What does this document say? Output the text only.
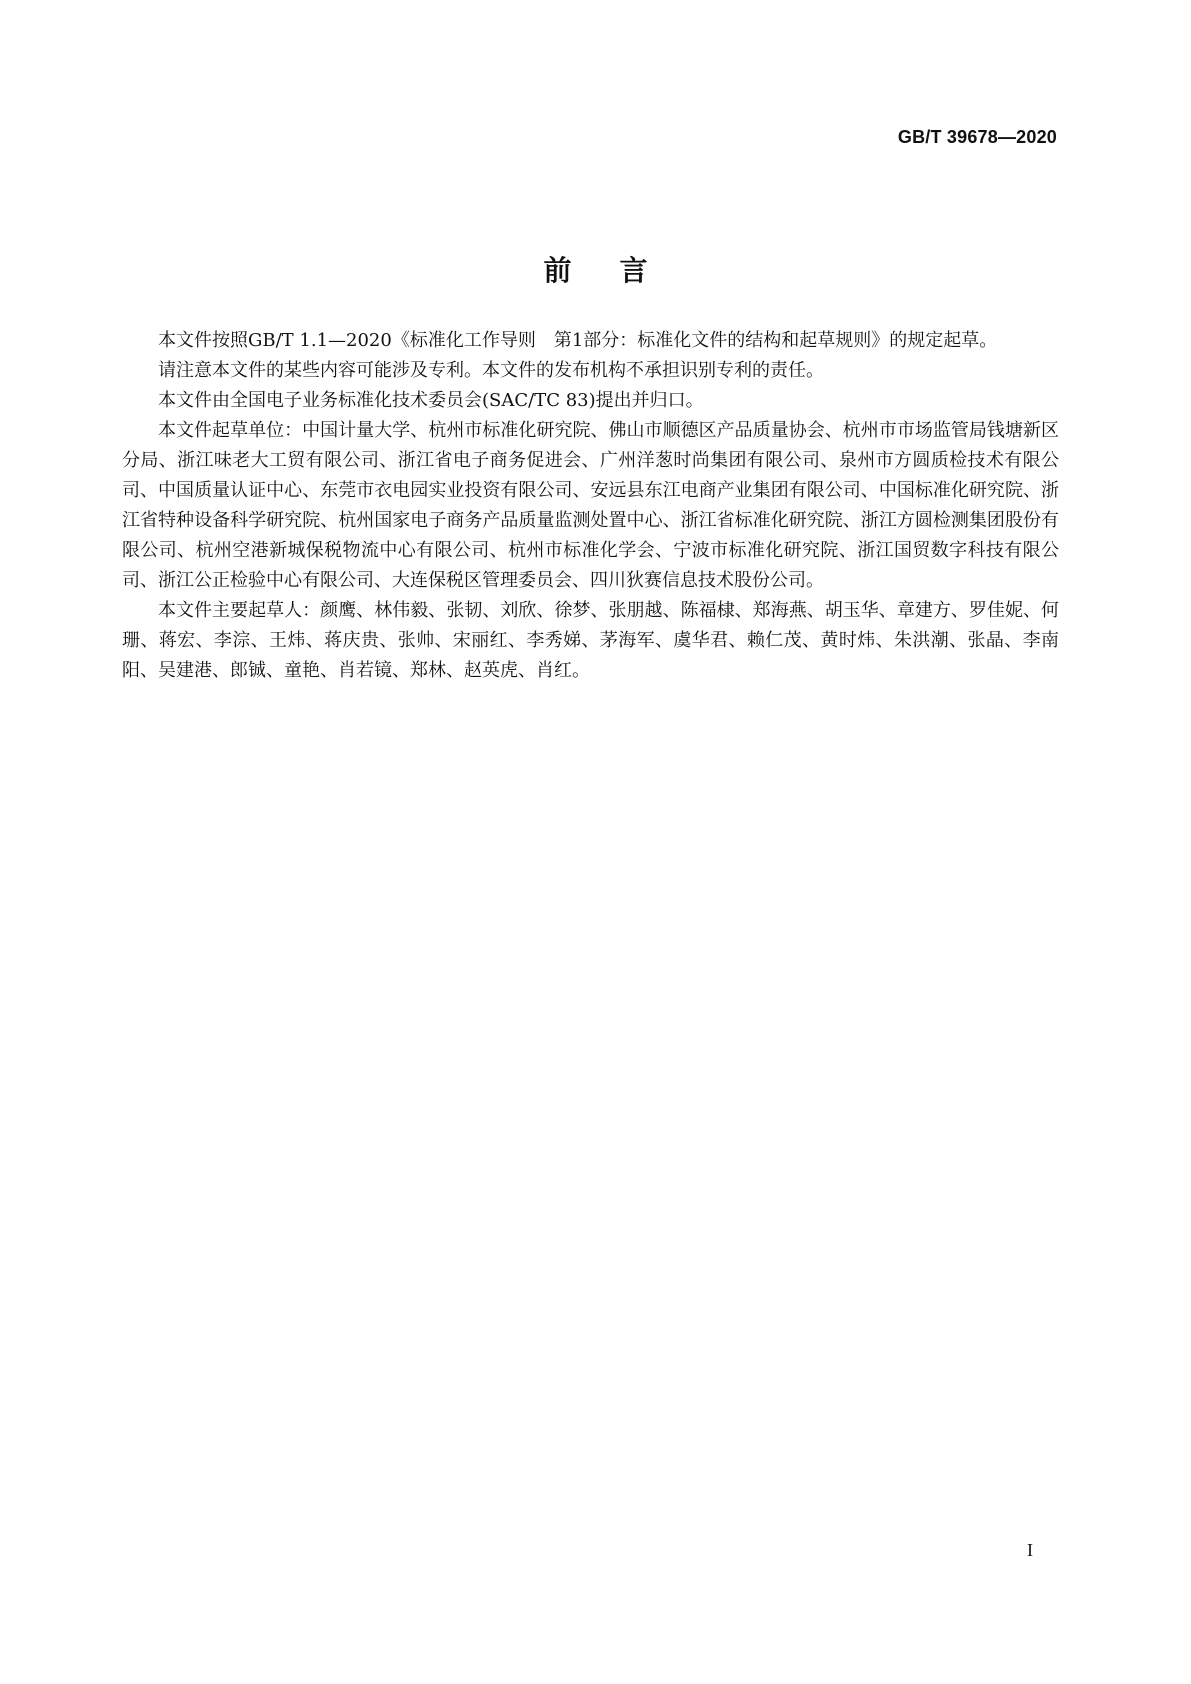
GB/T 39678—2020
前言

本文件按照GB/T 1.1—2020《标准化工作导则　第1部分：标准化文件的结构和起草规则》的规定起草。

请注意本文件的某些内容可能涉及专利。本文件的发布机构不承担识别专利的责任。

本文件由全国电子业务标准化技术委员会(SAC/TC 83)提出并归口。

本文件起草单位：中国计量大学、杭州市标准化研究院、佛山市顺德区产品质量协会、杭州市市场监管局钱塘新区分局、浙江味老大工贸有限公司、浙江省电子商务促进会、广州洋葱时尚集团有限公司、泉州市方圆质检技术有限公司、中国质量认证中心、东莞市衣电园实业投资有限公司、安远县东江电商产业集团有限公司、中国标准化研究院、浙江省特种设备科学研究院、杭州国家电子商务产品质量监测处置中心、浙江省标准化研究院、浙江方圆检测集团股份有限公司、杭州空港新城保税物流中心有限公司、杭州市标准化学会、宁波市标准化研究院、浙江国贸数字科技有限公司、浙江公正检验中心有限公司、大连保税区管理委员会、四川狄赛信息技术股份公司。

本文件主要起草人：颜鹰、林伟毅、张韧、刘欣、徐梦、张朋越、陈福棣、郑海燕、胡玉华、章建方、罗佳妮、何珊、蒋宏、李淙、王炜、蒋庆贵、张帅、宋丽红、李秀娣、茅海军、虞华君、赖仁茂、黄时炜、朱洪潮、张晶、李南阳、吴建港、郎铖、童艳、肖若镜、郑林、赵英虎、肖红。

I
